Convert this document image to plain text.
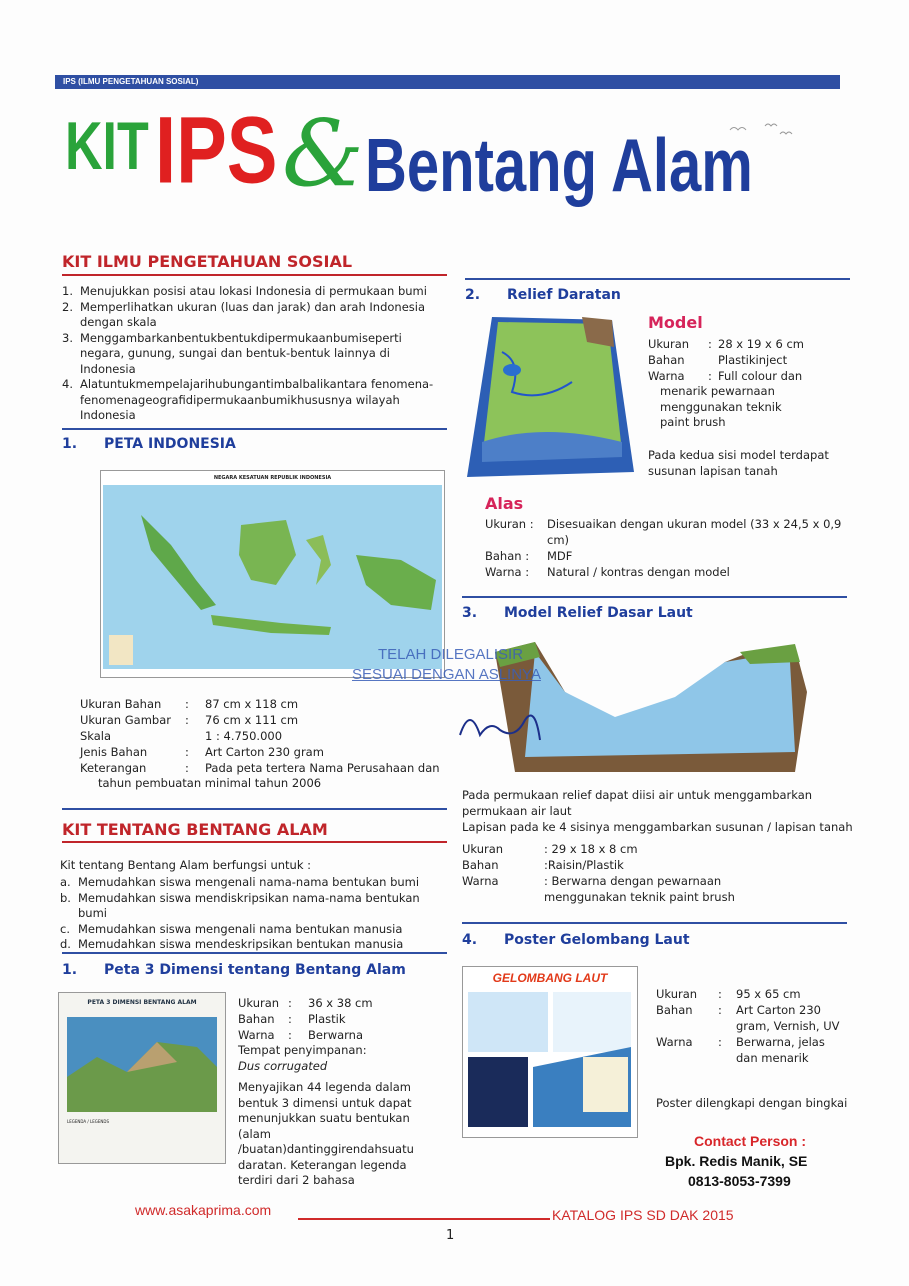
IPS (ILMU PENGETAHUAN SOSIAL)
KIT IPS & Bentang Alam
KIT ILMU PENGETAHUAN SOSIAL
1. Menujukkan posisi atau lokasi Indonesia di permukaan bumi
2. Memperlihatkan ukuran (luas dan jarak) dan arah Indonesia dengan skala
3. Menggambarkanbentukbentukdipermukaanbumiseperti negara, gunung, sungai dan bentuk-bentuk lainnya di Indonesia
4. Alatuntukmempelajarihubungantimbalbalikantara fenomena-fenomenageografidipermukaanbumikhususnya wilayah Indonesia
1. PETA INDONESIA
NEGARA KESATUAN REPUBLIK INDONESIA
Ukuran Bahan	:	87 cm x 118 cm
Ukuran Gambar	:	76 cm x 111 cm
Skala	1 : 4.750.000
Jenis Bahan	:	Art Carton 230 gram
Keterangan	:	Pada peta tertera Nama Perusahaan dan
tahun pembuatan minimal tahun 2006
KIT TENTANG BENTANG ALAM
Kit tentang Bentang Alam berfungsi untuk :
a. Memudahkan siswa mengenali nama-nama bentukan bumi
b. Memudahkan siswa mendiskripsikan nama-nama bentukan bumi
c. Memudahkan siswa mengenali nama bentukan manusia
d. Memudahkan siswa mendeskripsikan bentukan manusia
1. Peta 3 Dimensi tentang Bentang Alam
PETA 3 DIMENSI BENTANG ALAM
LEGENDA / LEGENDS
Ukuran :	36 x 38 cm
Bahan	:	Plastik
Warna	:	Berwarna
Tempat penyimpanan:
Dus corrugated
Menyajikan 44 legenda dalam bentuk 3 dimensi untuk dapat menunjukkan suatu bentukan (alam /buatan)dantinggirendahsuatu daratan. Keterangan legenda terdiri dari 2 bahasa
2. Relief Daratan
Model
Ukuran	: 28 x 19 x 6 cm
Bahan	Plastikinject
Warna	: Full colour dan
menarik pewarnaan menggunakan teknik paint brush
Pada kedua sisi model terdapat susunan lapisan tanah
Alas
Ukuran :	Disesuaikan dengan ukuran model (33 x 24,5 x 0,9 cm)
Bahan :	MDF
Warna :	Natural / kontras dengan model
3. Model Relief Dasar Laut
Pada permukaan relief dapat diisi air untuk menggambarkan permukaan air laut
Lapisan pada ke 4 sisinya menggambarkan susunan / lapisan tanah
Ukuran	: 29 x 18 x 8 cm
Bahan	:Raisin/Plastik
Warna	: Berwarna dengan pewarnaan menggunakan teknik paint brush
4. Poster Gelombang Laut
GELOMBANG LAUT
Ukuran	:	95 x 65 cm
Bahan	:	Art Carton 230 gram, Vernish, UV
Warna	:	Berwarna, jelas dan menarik
Poster dilengkapi dengan bingkai
TELAH DILEGALISIR
SESUAI DENGAN ASLINYA
Contact Person :
Bpk. Redis Manik, SE
0813-8053-7399
www.asakaprima.com	KATALOG IPS SD DAK 2015
1
